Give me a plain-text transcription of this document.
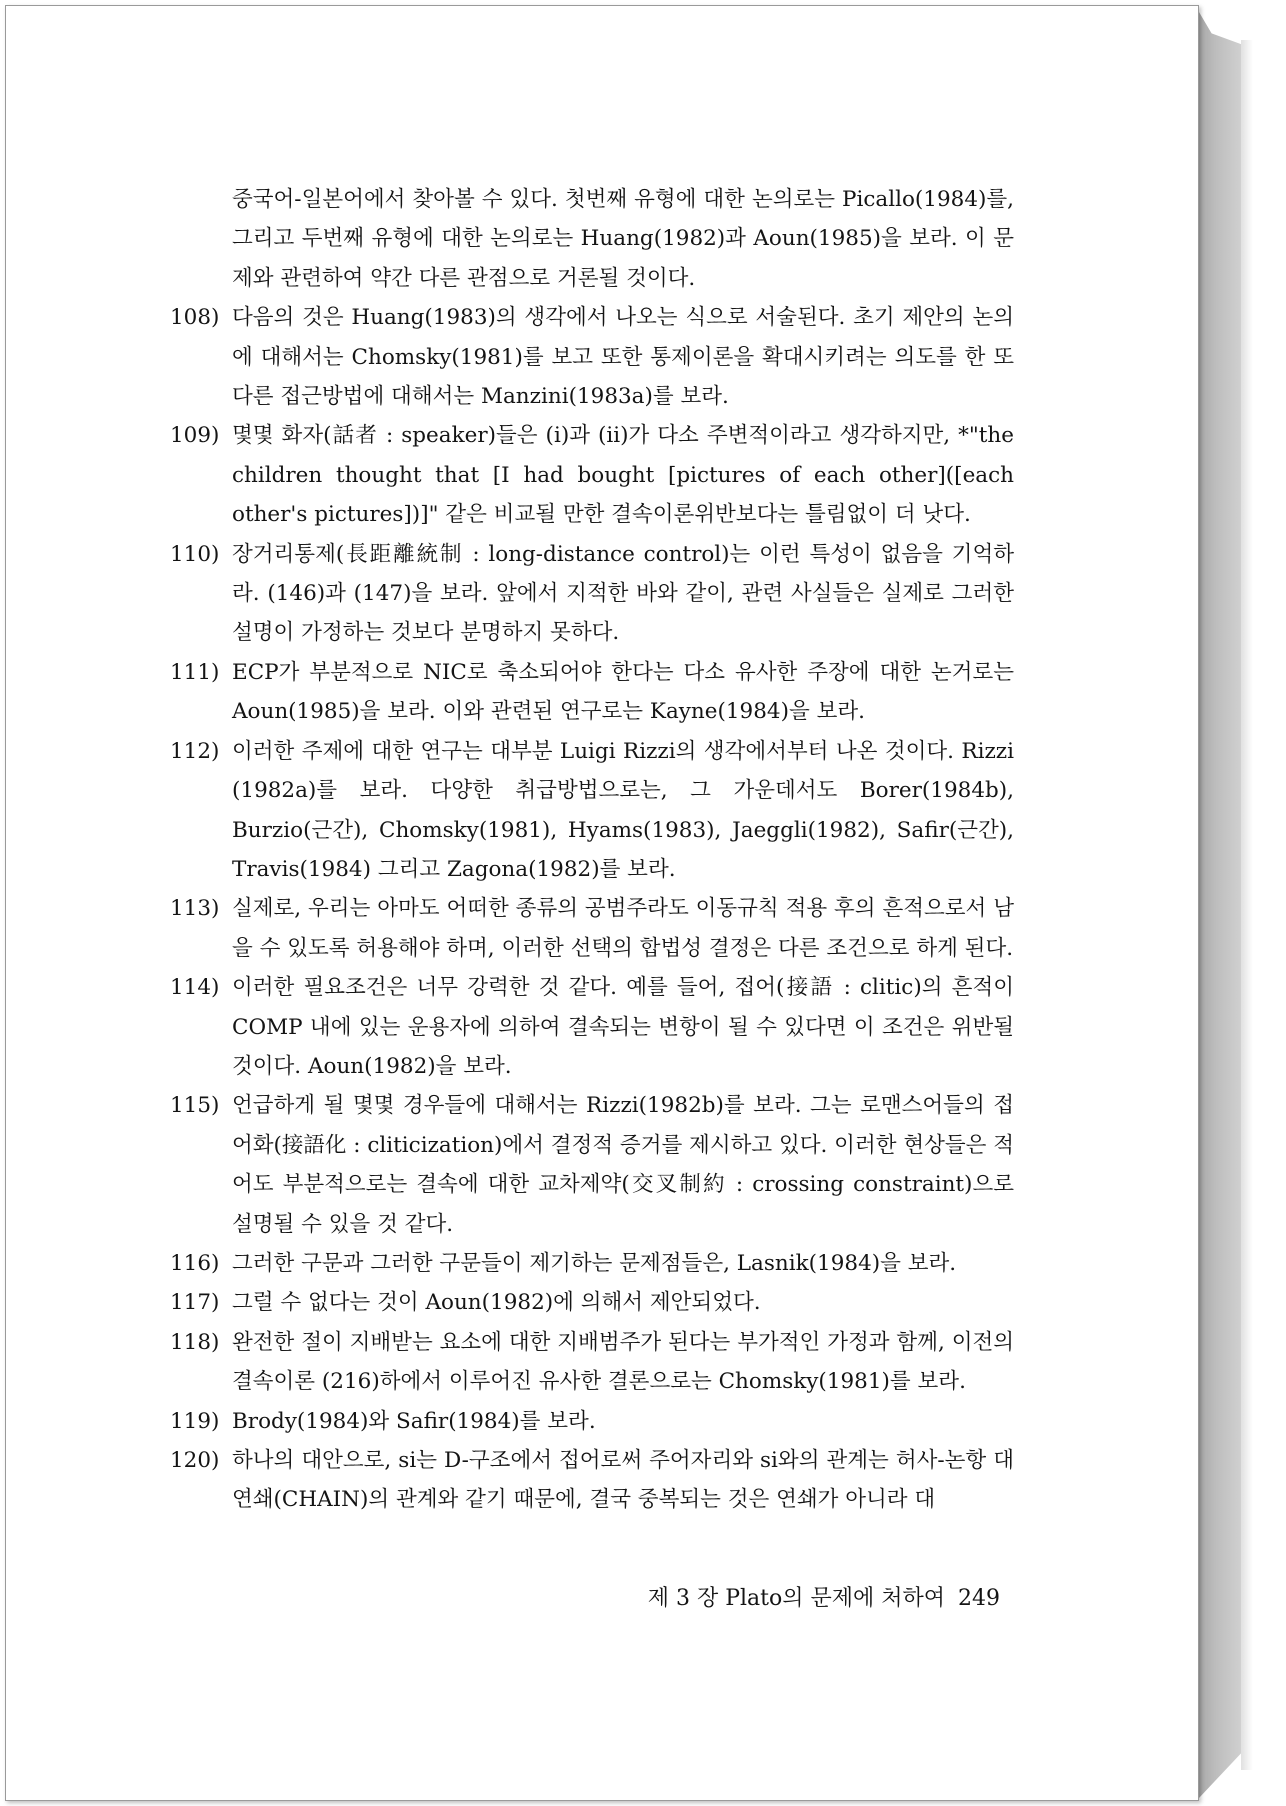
중국어-일본어에서 찾아볼 수 있다. 첫번째 유형에 대한 논의로는 Picallo(1984)를, 그리고 두번째 유형에 대한 논의로는 Huang(1982)과 Aoun(1985)을 보라. 이 문제와 관련하여 약간 다른 관점으로 거론될 것이다.

108) 다음의 것은 Huang(1983)의 생각에서 나오는 식으로 서술된다. 초기 제안의 논의에 대해서는 Chomsky(1981)를 보고 또한 통제이론을 확대시키려는 의도를 한 또 다른 접근방법에 대해서는 Manzini(1983a)를 보라.
109) 몇몇 화자(話者 : speaker)들은 (i)과 (ii)가 다소 주변적이라고 생각하지만, *"the children thought that [I had bought [pictures of each other]([each other's pictures])]" 같은 비교될 만한 결속이론위반보다는 틀림없이 더 낫다.
110) 장거리통제(長距離統制 : long-distance control)는 이런 특성이 없음을 기억하라. (146)과 (147)을 보라. 앞에서 지적한 바와 같이, 관련 사실들은 실제로 그러한 설명이 가정하는 것보다 분명하지 못하다.
111) ECP가 부분적으로 NIC로 축소되어야 한다는 다소 유사한 주장에 대한 논거로는 Aoun(1985)을 보라. 이와 관련된 연구로는 Kayne(1984)을 보라.
112) 이러한 주제에 대한 연구는 대부분 Luigi Rizzi의 생각에서부터 나온 것이다. Rizzi (1982a)를 보라. 다양한 취급방법으로는, 그 가운데서도 Borer(1984b), Burzio(근간), Chomsky(1981), Hyams(1983), Jaeggli(1982), Safir(근간), Travis(1984) 그리고 Zagona(1982)를 보라.
113) 실제로, 우리는 아마도 어떠한 종류의 공범주라도 이동규칙 적용 후의 흔적으로서 남을 수 있도록 허용해야 하며, 이러한 선택의 합법성 결정은 다른 조건으로 하게 된다.
114) 이러한 필요조건은 너무 강력한 것 같다. 예를 들어, 접어(接語 : clitic)의 흔적이 COMP 내에 있는 운용자에 의하여 결속되는 변항이 될 수 있다면 이 조건은 위반될 것이다. Aoun(1982)을 보라.
115) 언급하게 될 몇몇 경우들에 대해서는 Rizzi(1982b)를 보라. 그는 로맨스어들의 접어화(接語化 : cliticization)에서 결정적 증거를 제시하고 있다. 이러한 현상들은 적어도 부분적으로는 결속에 대한 교차제약(交叉制約 : crossing constraint)으로 설명될 수 있을 것 같다.
116) 그러한 구문과 그러한 구문들이 제기하는 문제점들은, Lasnik(1984)을 보라.
117) 그럴 수 없다는 것이 Aoun(1982)에 의해서 제안되었다.
118) 완전한 절이 지배받는 요소에 대한 지배범주가 된다는 부가적인 가정과 함께, 이전의 결속이론 (216)하에서 이루어진 유사한 결론으로는 Chomsky(1981)를 보라.
119) Brody(1984)와 Safir(1984)를 보라.
120) 하나의 대안으로, si는 D-구조에서 접어로써 주어자리와 si와의 관계는 허사-논항 대연쇄(CHAIN)의 관계와 같기 때문에, 결국 중복되는 것은 연쇄가 아니라 대
제 3 장 Plato의 문제에 처하여 249
